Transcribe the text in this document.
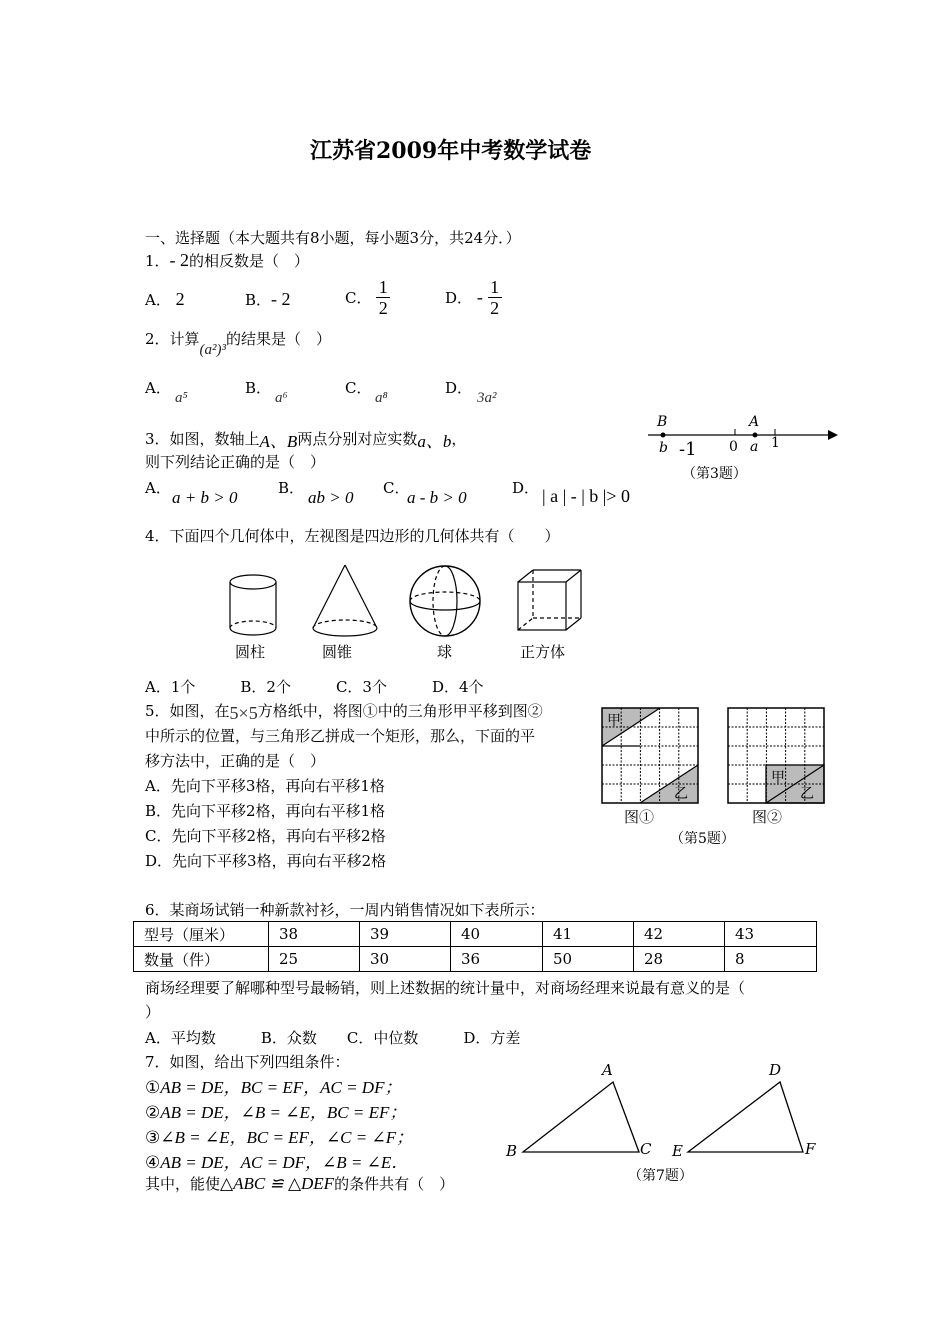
江苏省2009年中考数学试卷
一、选择题（本大题共有8小题，每小题3分，共24分．）
1．- 2的相反数是（　）
A． 2	B．- 2	C． $\frac{1}{2}$	D． - $\frac{1}{2}$
2．计算(a²)³的结果是（　）
A．	B．	C．	D．
a⁵	a⁶	a⁸	3a²
3．如图，数轴上A、B两点分别对应实数a、b，
则下列结论正确的是（　）
A． a + b > 0	B． ab > 0 C．
a - b > 0	D． | a | - | b |> 0
B
b -1 0
A
a 1
（第3题）
4．下面四个几何体中，左视图是四边形的几何体共有（　　）
圆柱	圆锥	球	正方体
A．1个　　　B．2个　　　C．3个　　　D．4个
5．如图，在5×5方格纸中，将图①中的三角形甲平移到图②
中所示的位置，与三角形乙拼成一个矩形，那么，下面的平
移方法中，正确的是（　）
A．先向下平移3格，再向右平移1格
B．先向下平移2格，再向右平移1格
C．先向下平移2格，再向右平移2格
D．先向下平移3格，再向右平移2格
甲
乙
甲
乙
图①	图②
（第5题）
6．某商场试销一种新款衬衫，一周内销售情况如下表所示：
型号（厘米）	38	39	40	41	42	43
数量（件）	25	30	36	50	28	8
商场经理要了解哪种型号最畅销，则上述数据的统计量中，对商场经理来说最有意义的是（
）
A．平均数　　　B．众数　　C．中位数　　　D．方差
7．如图，给出下列四组条件：
①AB = DE，BC = EF，AC = DF；
②AB = DE，∠B = ∠E，BC = EF；
③∠B = ∠E，BC = EF，∠C = ∠F；
④AB = DE，AC = DF，∠B = ∠E．
其中，能使△ABC ≌ △DEF的条件共有（　）
A
B	C
D
E	F
（第7题）
